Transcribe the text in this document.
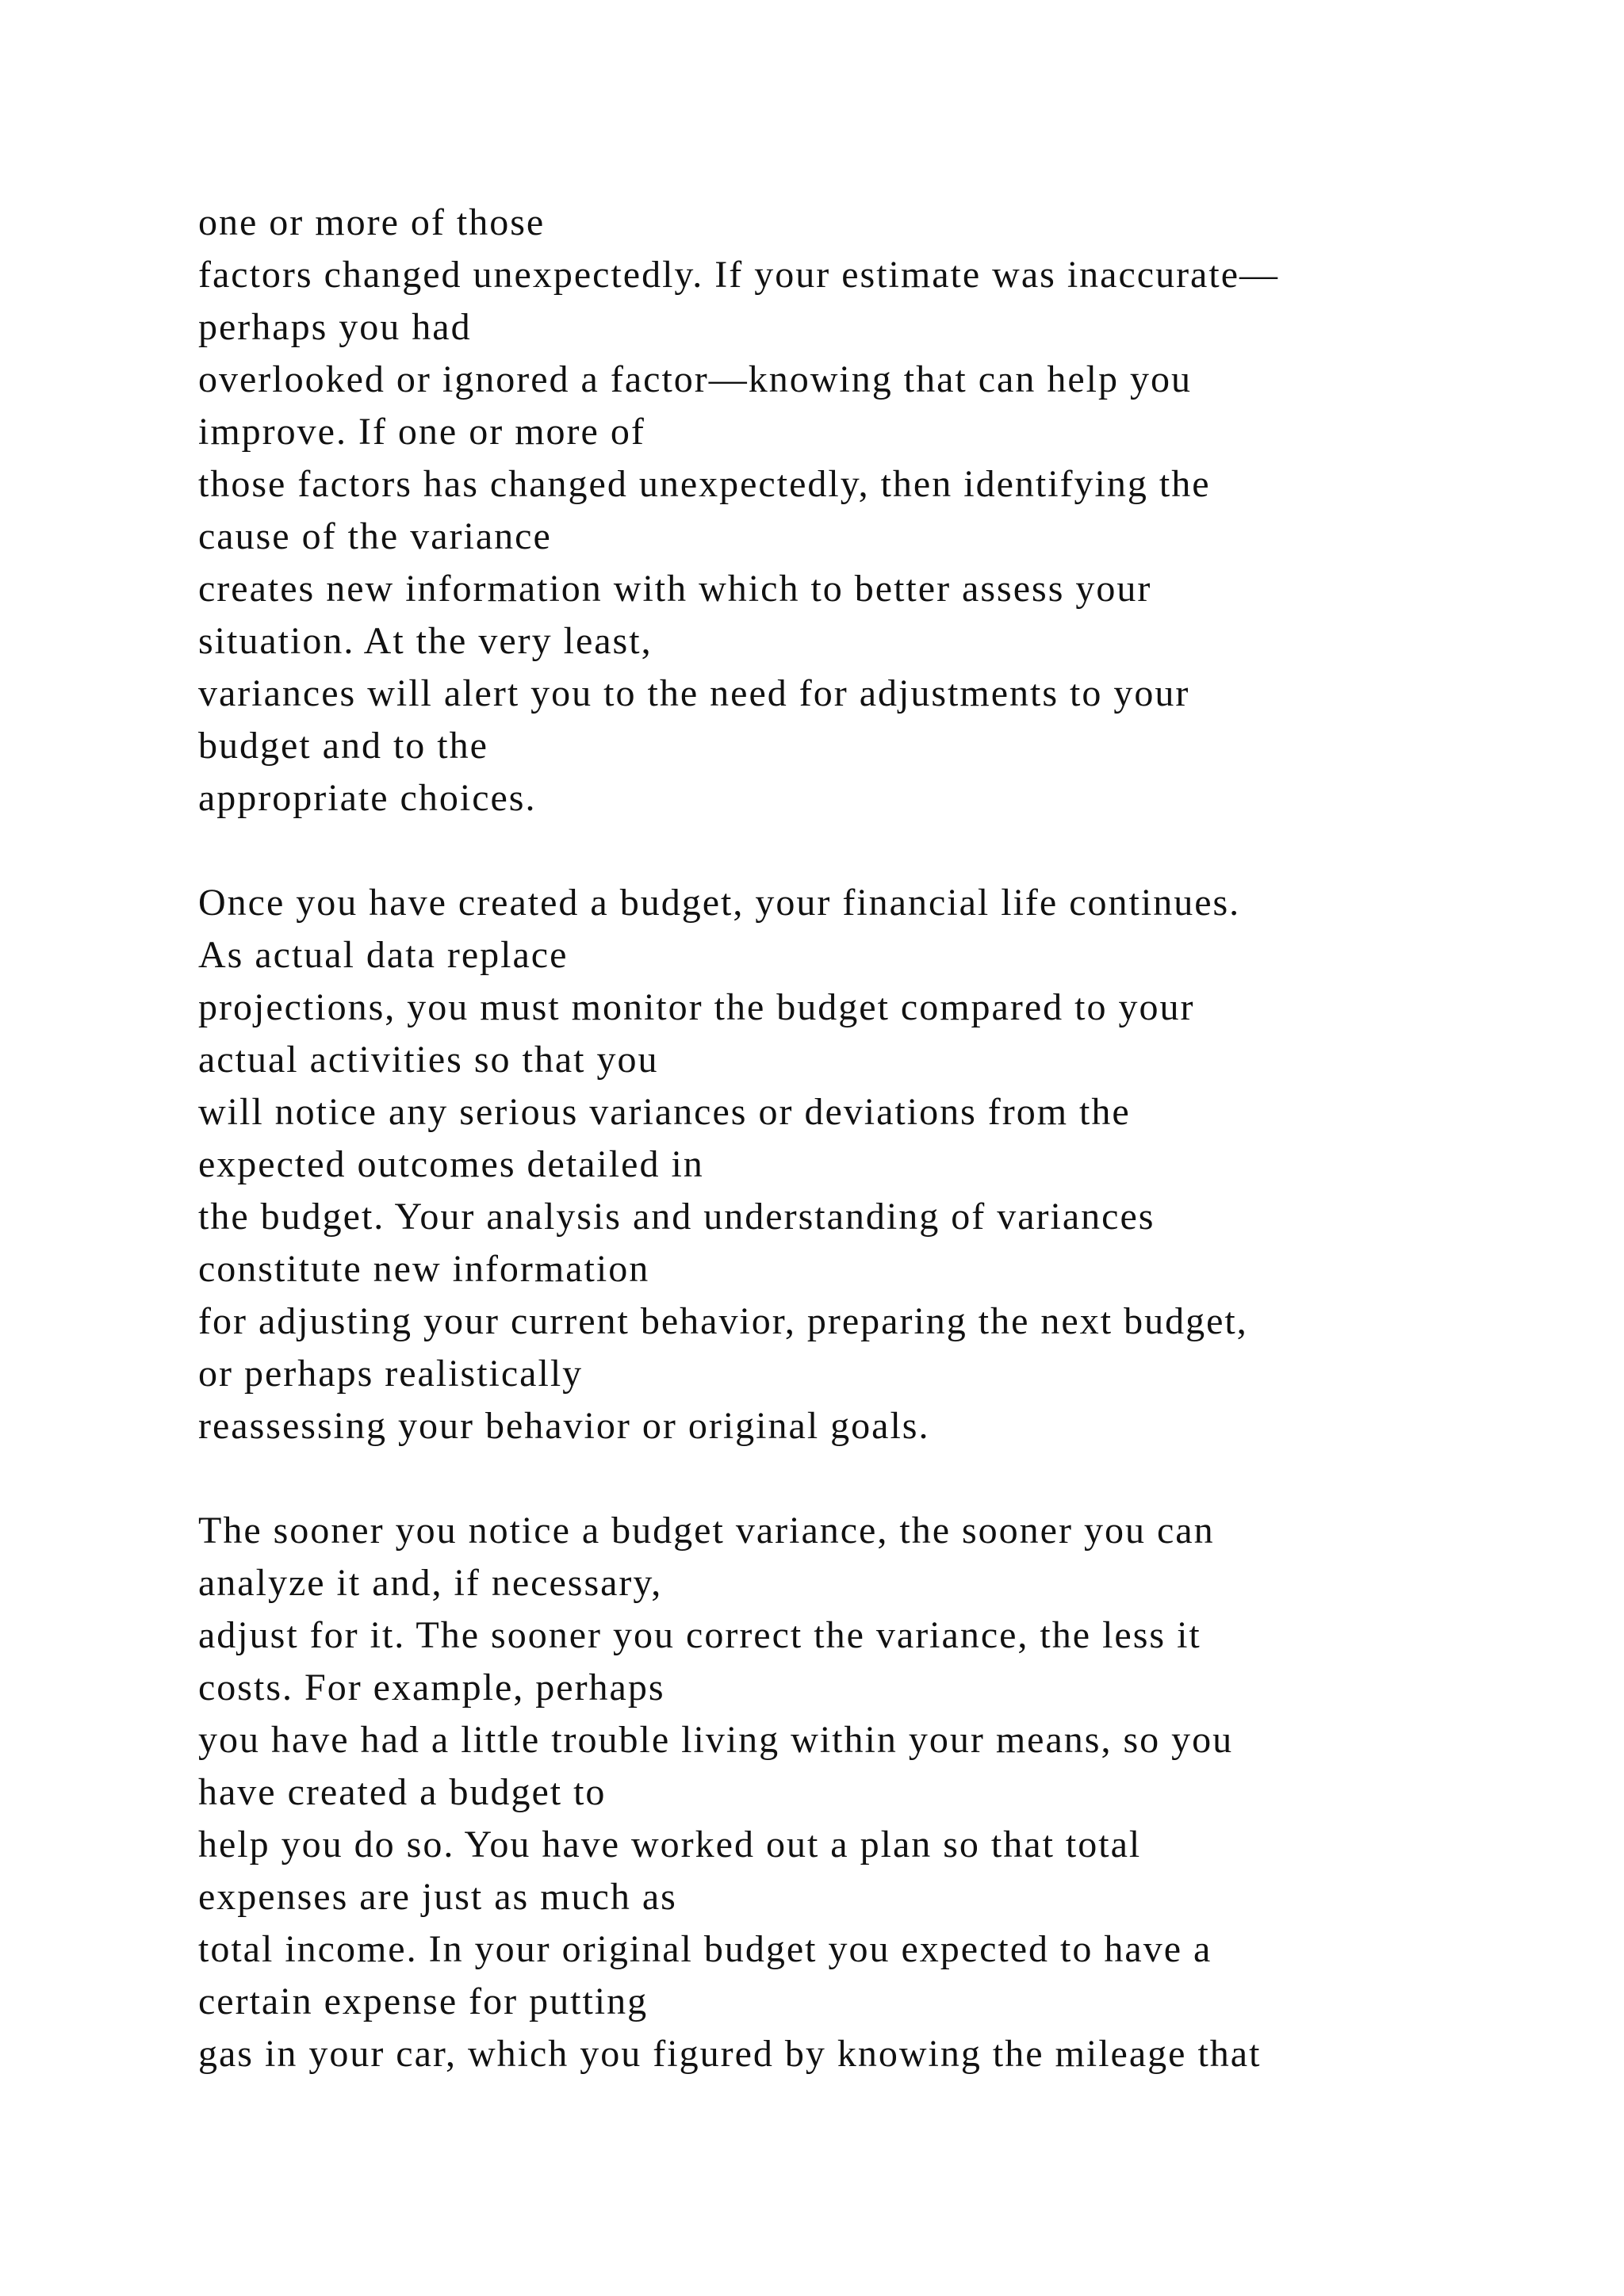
one or more of those
factors changed unexpectedly. If your estimate was inaccurate—
perhaps you had
overlooked or ignored a factor—knowing that can help you
improve. If one or more of
those factors has changed unexpectedly, then identifying the
cause of the variance
creates new information with which to better assess your
situation. At the very least,
variances will alert you to the need for adjustments to your
budget and to the
appropriate choices.
Once you have created a budget, your financial life continues.
As actual data replace
projections, you must monitor the budget compared to your
actual activities so that you
will notice any serious variances or deviations from the
expected outcomes detailed in
the budget. Your analysis and understanding of variances
constitute new information
for adjusting your current behavior, preparing the next budget,
or perhaps realistically
reassessing your behavior or original goals.
The sooner you notice a budget variance, the sooner you can
analyze it and, if necessary,
adjust for it. The sooner you correct the variance, the less it
costs. For example, perhaps
you have had a little trouble living within your means, so you
have created a budget to
help you do so. You have worked out a plan so that total
expenses are just as much as
total income. In your original budget you expected to have a
certain expense for putting
gas in your car, which you figured by knowing the mileage that
